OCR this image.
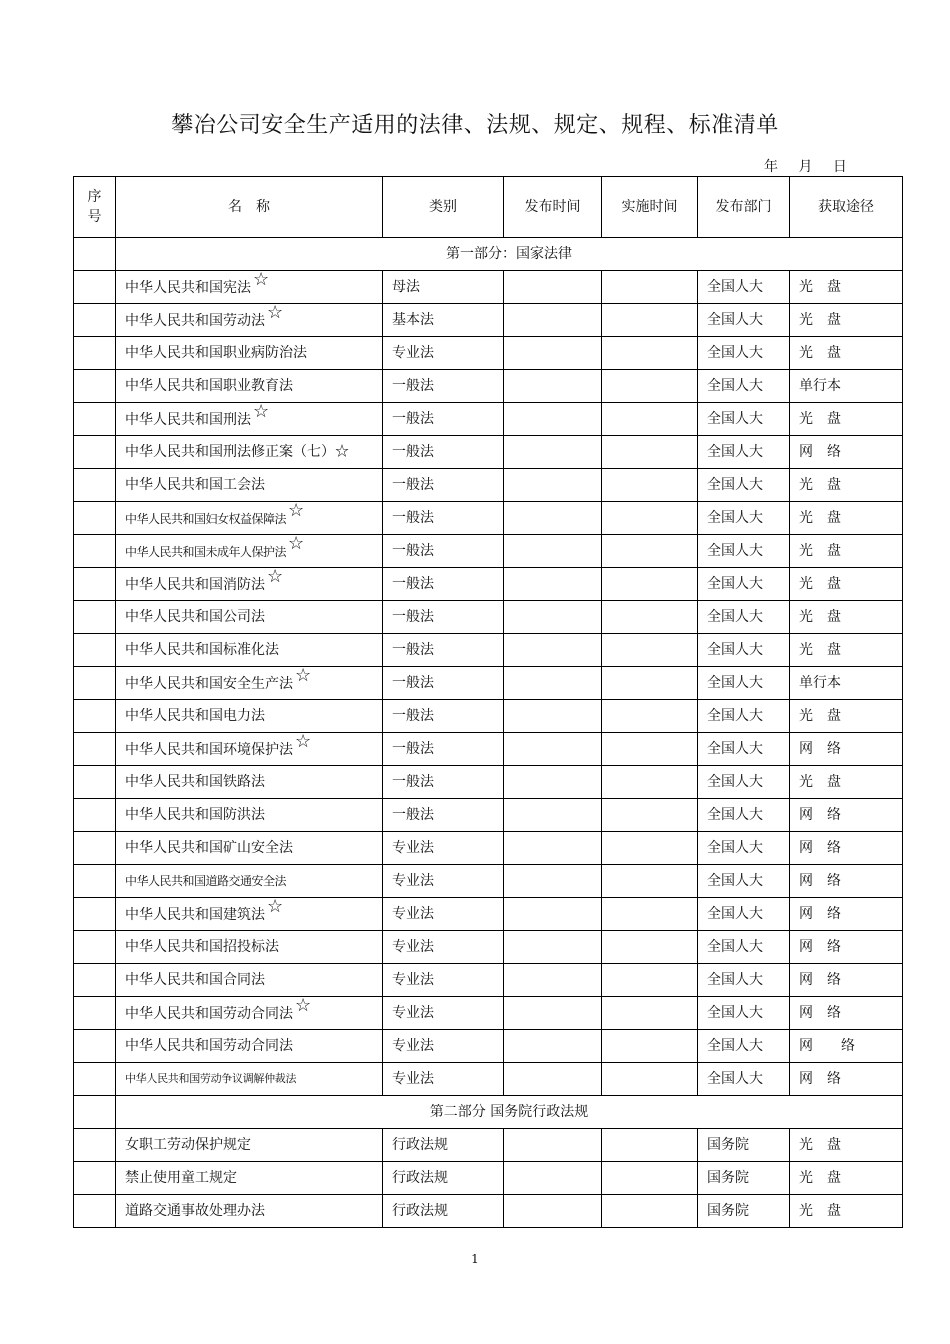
攀冶公司安全生产适用的法律、法规、规定、规程、标准清单
年 月 日
序号	名　称	类别	发布时间	实施时间	发布部门	获取途径
	第一部分：国家法律					
	中华人民共和国宪法 ☆	母法			全国人大	光　盘
	中华人民共和国劳动法 ☆	基本法			全国人大	光　盘
	中华人民共和国职业病防治法	专业法			全国人大	光　盘
	中华人民共和国职业教育法	一般法			全国人大	单行本
	中华人民共和国刑法 ☆	一般法			全国人大	光　盘
	中华人民共和国刑法修正案（七）☆	一般法			全国人大	网　络
	中华人民共和国工会法	一般法			全国人大	光　盘
	中华人民共和国妇女权益保障法 ☆	一般法			全国人大	光　盘
	中华人民共和国未成年人保护法 ☆	一般法			全国人大	光　盘
	中华人民共和国消防法 ☆	一般法			全国人大	光　盘
	中华人民共和国公司法	一般法			全国人大	光　盘
	中华人民共和国标准化法	一般法			全国人大	光　盘
	中华人民共和国安全生产法 ☆	一般法			全国人大	单行本
	中华人民共和国电力法	一般法			全国人大	光　盘
	中华人民共和国环境保护法 ☆	一般法			全国人大	网　络
	中华人民共和国铁路法	一般法			全国人大	光　盘
	中华人民共和国防洪法	一般法			全国人大	网　络
	中华人民共和国矿山安全法	专业法			全国人大	网　络
	中华人民共和国道路交通安全法	专业法			全国人大	网　络
	中华人民共和国建筑法 ☆	专业法			全国人大	网　络
	中华人民共和国招投标法	专业法			全国人大	网　络
	中华人民共和国合同法	专业法			全国人大	网　络
	中华人民共和国劳动合同法 ☆	专业法			全国人大	网　络
	中华人民共和国劳动合同法	专业法			全国人大	网　　络
	中华人民共和国劳动争议调解仲裁法	专业法			全国人大	网　络
	第二部分 国务院行政法规					
	女职工劳动保护规定	行政法规			国务院	光　盘
	禁止使用童工规定	行政法规			国务院	光　盘
	道路交通事故处理办法	行政法规			国务院	光　盘
1
